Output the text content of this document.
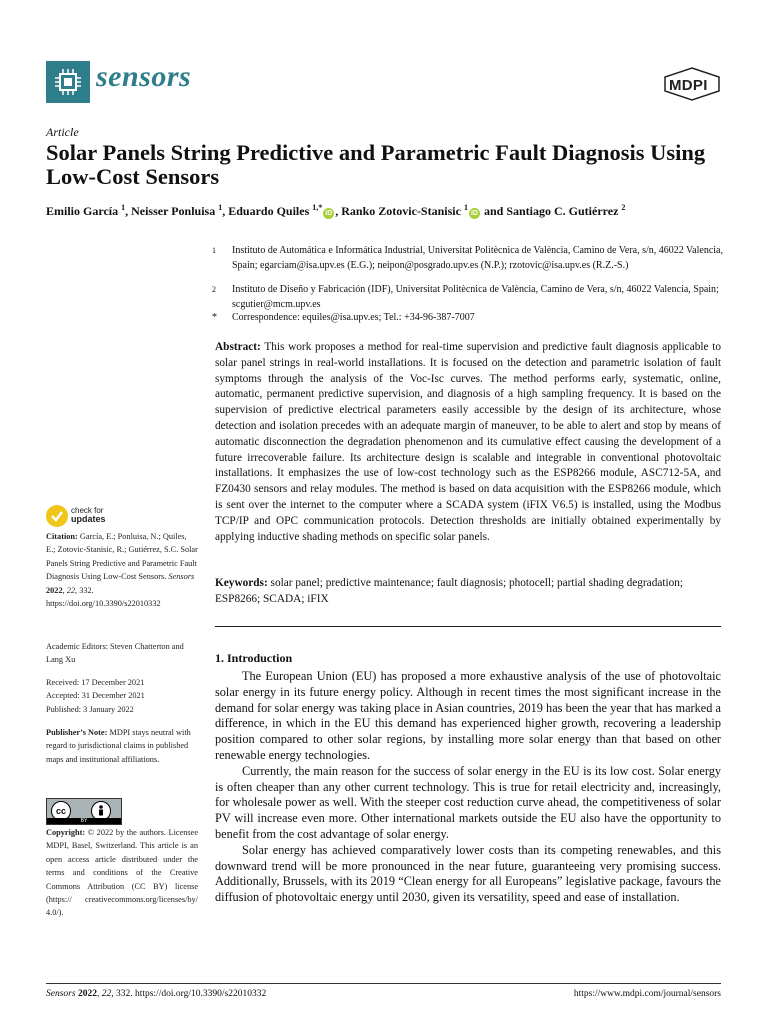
sensors	MDPI
Article
Solar Panels String Predictive and Parametric Fault Diagnosis Using Low-Cost Sensors
Emilio García $^1$, Neisser Ponluisa $^1$, Eduardo Quiles $^{1,*}$iD , Ranko Zotovic-Stanisic $^1$iD and Santiago C. Gutiérrez $^2$
1 Instituto de Automática e Informática Industrial, Universitat Politècnica de València, Camino de Vera, s/n, 46022 Valencia, Spain; egarciam@isa.upv.es (E.G.); neipon@posgrado.upv.es (N.P.); rzotovic@isa.upv.es (R.Z.-S.)
2 Instituto de Diseño y Fabricación (IDF), Universitat Politècnica de València, Camino de Vera, s/n, 46022 Valencia, Spain; scgutier@mcm.upv.es
* Correspondence: equiles@isa.upv.es; Tel.: +34-96-387-7007
Abstract: This work proposes a method for real-time supervision and predictive fault diagnosis applicable to solar panel strings in real-world installations. It is focused on the detection and parametric isolation of fault symptoms through the analysis of the Voc-Isc curves. The method performs early, systematic, online, automatic, permanent predictive supervision, and diagnosis of a high sampling frequency. It is based on the supervision of predictive electrical parameters easily accessible by the design of its architecture, whose detection and isolation precedes with an adequate margin of maneuver, to be able to alert and stop by means of automatic disconnection the degradation phenomenon and its cumulative effect causing the development of a future irrecoverable failure. Its architecture design is scalable and integrable in conventional photovoltaic installations. It emphasizes the use of low-cost technology such as the ESP8266 module, ASC712-5A, and FZ0430 sensors and relay modules. The method is based on data acquisition with the ESP8266 module, which is sent over the internet to the computer where a SCADA system (iFIX V6.5) is installed, using the Modbus TCP/IP and OPC communication protocols. Detection thresholds are initially obtained experimentally by applying inductive shading methods on specific solar panels.
Keywords: solar panel; predictive maintenance; fault diagnosis; photocell; partial shading degradation; ESP8266; SCADA; iFIX
check for
updates
Citation: García, E.; Ponluisa, N.; Quiles, E.; Zotovic-Stanisic, R.; Gutiérrez, S.C. Solar Panels String Predictive and Parametric Fault Diagnosis Using Low-Cost Sensors. Sensors 2022, 22, 332. https://doi.org/10.3390/s22010332
Academic Editors: Steven Chatterton and Lang Xu
Received: 17 December 2021
Accepted: 31 December 2021
Published: 3 January 2022
Publisher’s Note: MDPI stays neutral with regard to jurisdictional claims in published maps and institutional affiliations.
cc
BY
Copyright: © 2022 by the authors. Licensee MDPI, Basel, Switzerland. This article is an open access article distributed under the terms and conditions of the Creative Commons Attribution (CC BY) license (https:// creativecommons.org/licenses/by/ 4.0/).
1. Introduction

The European Union (EU) has proposed a more exhaustive analysis of the use of photovoltaic solar energy in its future energy policy. Although in recent times the most significant increase in the demand for solar energy was taking place in Asian countries, 2019 has been the year that has marked a difference, in which in the EU this demand has experienced higher growth, recovering a leadership position compared to other solar regions, by installing more solar energy than that based on other renewable energy technologies.

Currently, the main reason for the success of solar energy in the EU is its low cost. Solar energy is often cheaper than any other current technology. This is true for retail electricity and, increasingly, for wholesale power as well. With the steeper cost reduction curve ahead, the competitiveness of solar PV will increase even more. Other international markets outside the EU also have the opportunity to benefit from the cost advantage of solar energy.

Solar energy has achieved comparatively lower costs than its competing renewables, and this downward trend will be more pronounced in the near future, guaranteeing very promising success. Additionally, Brussels, with its 2019 “Clean energy for all Europeans” legislative package, favours the diffusion of photovoltaic energy until 2030, given its versatility, speed and ease of installation.

Sensors 2022, 22, 332. https://doi.org/10.3390/s22010332	https://www.mdpi.com/journal/sensors
